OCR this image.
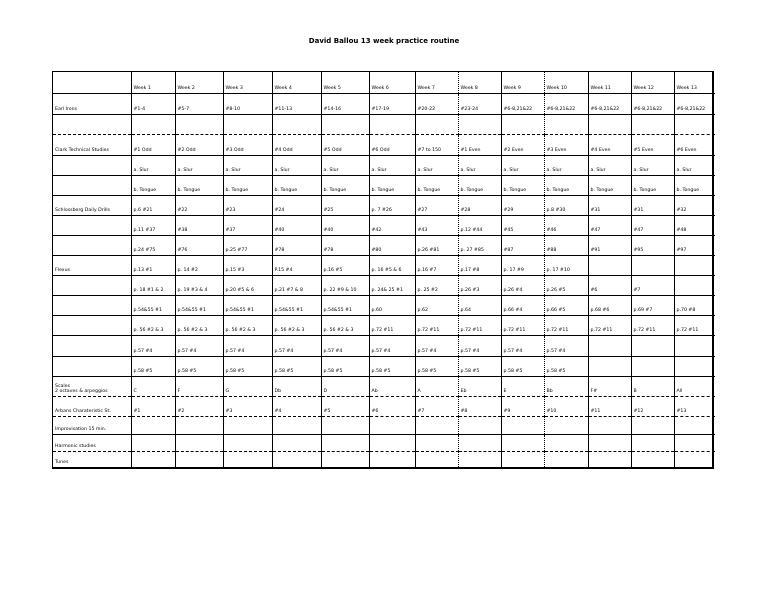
David Ballou 13 week practice routine
	Week 1	Week 2	Week 3	Week 4	Week 5	Week 6	Week 7	Week 8	Week 9	Week 10	Week 11	Week 12	Week 13
Earl Irons	#1-4	#5-7	#8-10	#11-13	#14-16	#17-19	#20-22	#23-24	#6-8,21&22	#6-8,21&22	#6-8,21&22	#6-8,21&22	#6-8,21&22

Clark Technical Studies	#1 Odd	#2 Odd	#3 Odd	#4 Odd	#5 Odd	#6 Odd	#7 to 150	#1 Even	#2 Even	#3 Even	#4 Even	#5 Even	#6 Even
	a. Slur	a. Slur	a. Slur	a. Slur	a. Slur	a. Slur	a. Slur	a. Slur	a. Slur	a. Slur	a. Slur	a. Slur	a. Slur
	b. Tongue	b. Tongue	b. Tongue	b. Tongue	b. Tongue	b. Tongue	b. Tongue	b. Tongue	b. Tongue	b. Tongue	b. Tongue	b. Tongue	b. Tongue
Schlossberg Daily Drills	p.6 #21	#22	#23	#24	#25	p. 7 #26	#27	#28	#29	p.8 #30	#31	#31	#32
	p.11 #37	#38	#37	#40	#40	#42	#43	p.12 #44	#45	#46	#47	#47	#48
	p.24 #75	#76	p.25 #77	#78	#78	#80	p.26 #81	p. 27 #85	#87	#88	#91	#95	#97
Flexus	p.13 #1	p. 14 #2	p.15 #3	P.15 #4	p.16 #5	p. 16 #5 & 6	p.16 #7	p.17 #8	p. 17 #9	p. 17 #10			
	p. 18 #1 & 2	p. 19 #3 & 4	p.20 #5 & 6	p.21 #7 & 8	p. 22 #9 & 10	p. 24& 25 #1	p. 25 #2	p.26 #3	p.26 #4	p.26 #5	#6	#7	
	p.54&55 #1	p.54&55 #1	p.54&55 #1	p.54&55 #1	p.54&55 #1	p.60	p.62	p.64	p.66 #4	p.66 #5	p.68 #6	p.69 #7	p.70 #8
	p. 56 #2 & 3	p. 56 #2 & 3	p. 56 #2 & 3	p. 56 #2 & 3	p. 56 #2 & 3	p.72 #11	p.72 #11	p.72 #11	p.72 #11	p.72 #11	p.72 #11	p.72 #11	p.72 #11
	p.57 #4	p.57 #4	p.57 #4	p.57 #4	p.57 #4	p.57 #4	p.57 #4	p.57 #4	p.57 #4	p.57 #4			
	p.58 #5	p.58 #5	p.58 #5	p.58 #5	p.58 #5	p.58 #5	p.58 #5	p.58 #5	p.58 #5	p.58 #5			
Scales
2 octaves & arpeggios	C	F	G	Db	D	Ab	A	Eb	E	Bb	F#	B	All
Arbans Charateristic St.	#1	#2	#3	#4	#5	#6	#7	#8	#9	#10	#11	#12	#13
Improvisation 15 min.													
Harmonic studies													
Tunes													
